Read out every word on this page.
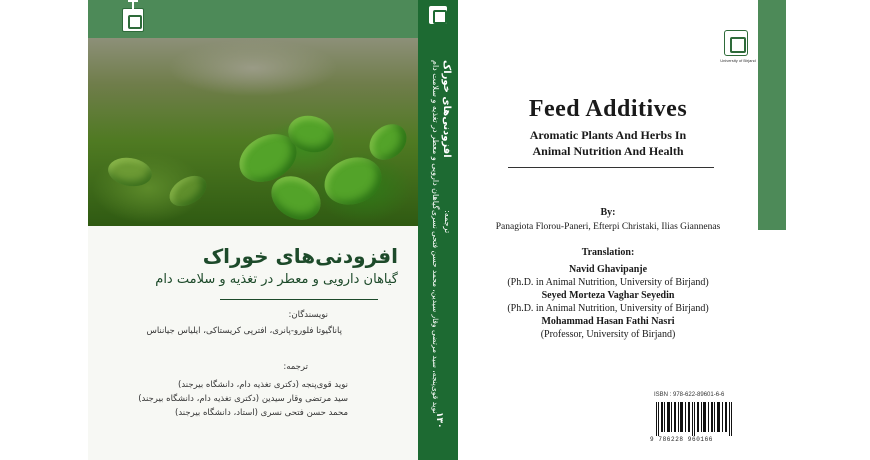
افزودنی‌های خوراک
گیاهان دارویی و معطر در تغذیه و سلامت دام
نویسندگان:
پاناگیوتا فلورو-پانری، افترپی کریستاکی، ایلیاس جیانناس
ترجمه:
نوید قوی‌پنجه (دکتری تغذیه دام، دانشگاه بیرجند)
سید مرتضی وقار سیدین (دکتری تغذیه دام، دانشگاه بیرجند)
محمد حسن فتحی نسری (استاد، دانشگاه بیرجند)
افزودنی‌های خوراک
گیاهان دارویی و معطر در تغذیه و سلامت دام
ترجمه:
نوید قوی‌پنجه، سید مرتضی وقار سیدین، محمد حسن فتحی نسری
۱۳۰
University of Birjand
Feed Additives
Aromatic Plants And Herbs In
Animal Nutrition And Health
By:
Panagiota Florou-Paneri, Efterpi Christaki, Ilias Giannenas
Translation:
Navid Ghavipanje
(Ph.D. in Animal Nutrition, University of Birjand)
Seyed Morteza Vaghar Seyedin
(Ph.D. in Animal Nutrition, University of Birjand)
Mohammad Hasan Fathi Nasri
(Professor, University of Birjand)
ISBN : 978-622-89601-6-6
9 786228 960166
